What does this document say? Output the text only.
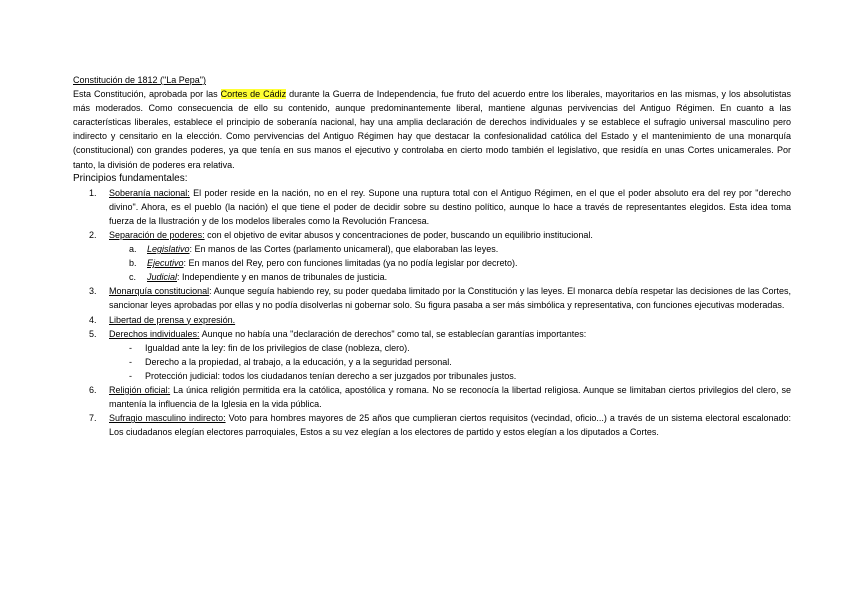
Constitución de 1812 ("La Pepa")
Esta Constitución, aprobada por las Cortes de Cádiz durante la Guerra de Independencia, fue fruto del acuerdo entre los liberales, mayoritarios en las mismas, y los absolutistas más moderados. Como consecuencia de ello su contenido, aunque predominantemente liberal, mantiene algunas pervivencias del Antiguo Régimen. En cuanto a las características liberales, establece el principio de soberanía nacional, hay una amplia declaración de derechos individuales y se establece el sufragio universal masculino pero indirecto y censitario en la elección. Como pervivencias del Antiguo Régimen hay que destacar la confesionalidad católica del Estado y el mantenimiento de una monarquía (constitucional) con grandes poderes, ya que tenía en sus manos el ejecutivo y controlaba en cierto modo también el legislativo, que residía en unas Cortes unicamerales. Por tanto, la división de poderes era relativa.
Principios fundamentales:
1. Soberanía nacional: El poder reside en la nación, no en el rey. Supone una ruptura total con el Antiguo Régimen, en el que el poder absoluto era del rey por "derecho divino". Ahora, es el pueblo (la nación) el que tiene el poder de decidir sobre su destino político, aunque lo hace a través de representantes elegidos. Esta idea toma fuerza de la Ilustración y de los modelos liberales como la Revolución Francesa.
2. Separación de poderes: con el objetivo de evitar abusos y concentraciones de poder, buscando un equilibrio institucional.
a. Legislativo: En manos de las Cortes (parlamento unicameral), que elaboraban las leyes.
b. Ejecutivo: En manos del Rey, pero con funciones limitadas (ya no podía legislar por decreto).
c. Judicial: Independiente y en manos de tribunales de justicia.
3. Monarquía constitucional: Aunque seguía habiendo rey, su poder quedaba limitado por la Constitución y las leyes. El monarca debía respetar las decisiones de las Cortes, sancionar leyes aprobadas por ellas y no podía disolverlas ni gobernar solo. Su figura pasaba a ser más simbólica y representativa, con funciones ejecutivas moderadas.
4. Libertad de prensa y expresión.
5. Derechos individuales: Aunque no había una "declaración de derechos" como tal, se establecían garantías importantes:
- Igualdad ante la ley: fin de los privilegios de clase (nobleza, clero).
- Derecho a la propiedad, al trabajo, a la educación, y a la seguridad personal.
- Protección judicial: todos los ciudadanos tenían derecho a ser juzgados por tribunales justos.
6. Religión oficial: La única religión permitida era la católica, apostólica y romana. No se reconocía la libertad religiosa. Aunque se limitaban ciertos privilegios del clero, se mantenía la influencia de la Iglesia en la vida pública.
7. Sufragio masculino indirecto: Voto para hombres mayores de 25 años que cumplieran ciertos requisitos (vecindad, oficio...) a través de un sistema electoral escalonado: Los ciudadanos elegían electores parroquiales, Estos a su vez elegían a los electores de partido y estos elegían a los diputados a Cortes.
